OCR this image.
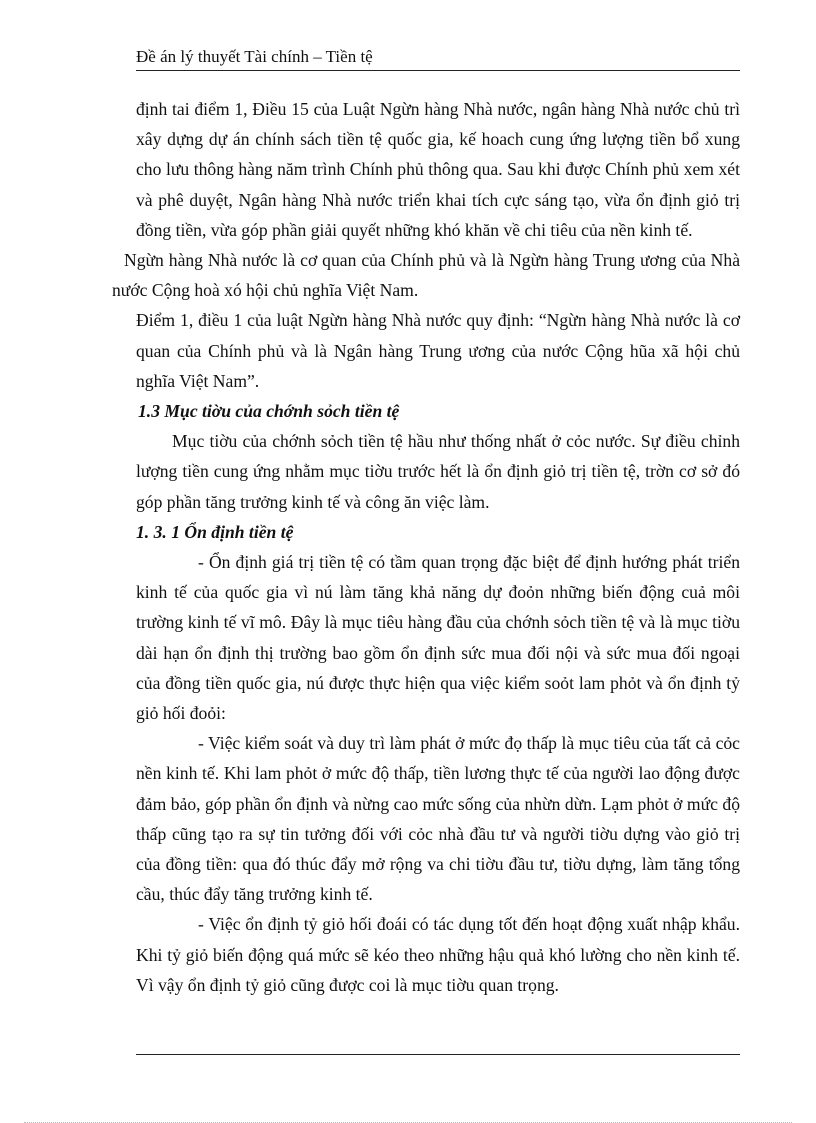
Đề án lý thuyết Tài chính – Tiền tệ

định tai điểm 1, Điều 15 của Luật Ngừn hàng Nhà nước, ngân hàng Nhà nước chủ trì xây dựng dự án chính sách tiền tệ quốc gia, kế hoach cung ứng lượng tiền bổ xung cho lưu thông hàng năm trình Chính phủ thông qua. Sau khi được Chính phủ xem xét và phê duyệt, Ngân hàng Nhà nước triển khai tích cực sáng tạo, vừa ổn định giỏ trị đồng tiền, vừa góp phần giải quyết những khó khăn về chi tiêu của nền kinh tế.

Ngừn hàng Nhà nước là cơ quan của Chính phủ và là Ngừn hàng Trung ương của Nhà nước Cộng hoà xó hội chủ nghĩa Việt Nam.

Điểm 1, điều 1 của luật Ngừn hàng Nhà nước quy định: “Ngừn hàng Nhà nước là cơ quan của Chính phủ và là Ngân hàng Trung ương của nước Cộng hũa xã hội chủ nghĩa Việt Nam”.

1.3 Mục tiờu của chớnh sỏch tiền tệ

Mục tiờu của chớnh sỏch tiền tệ hầu như thống nhất ở cỏc nước. Sự điều chỉnh lượng tiền cung ứng nhằm mục tiờu trước hết là ổn định giỏ trị tiền tệ, trờn cơ sở đó góp phần tăng trưởng kinh tế và công ăn việc làm.

1. 3. 1 Ổn định tiền tệ

- Ổn định giá trị tiền tệ có tầm quan trọng đặc biệt để định hướng phát triển kinh tế của quốc gia vì nú làm tăng khả năng dự đoỏn những biến động cuả môi trường kinh tế vĩ mô. Đây là mục tiêu hàng đầu của chớnh sỏch tiền tệ và là mục tiờu dài hạn ổn định thị trường bao gồm ổn định sức mua đối nội và sức mua đối ngoại của đồng tiền quốc gia, nú được thực hiện qua việc kiểm soỏt lam phỏt và ổn định tỷ giỏ hối đoỏi:

- Việc kiểm soát và duy trì làm phát ở mức đọ thấp là mục tiêu của tất cả cỏc nền kinh tế. Khi lam phỏt ở mức độ thấp, tiền lương thực tế của người lao động được đảm bảo, góp phần ổn định và nừng cao mức sống của nhừn dừn. Lạm phỏt ở mức độ thấp cũng tạo ra sự tin tưởng đối với cỏc nhà đầu tư và người tiờu dựng vào giỏ trị của đồng tiền: qua đó thúc đẩy mở rộng va chi tiờu đầu tư, tiờu dựng, làm tăng tổng cầu, thúc đẩy tăng trưởng kinh tế.

- Việc ổn định tỷ giỏ hối đoái có tác dụng tốt đến hoạt động xuất nhập khẩu. Khi tỷ giỏ biến động quá mức sẽ kéo theo những hậu quả khó lường cho nền kinh tế. Vì vậy ổn định tỷ giỏ cũng được coi là mục tiờu quan trọng.
